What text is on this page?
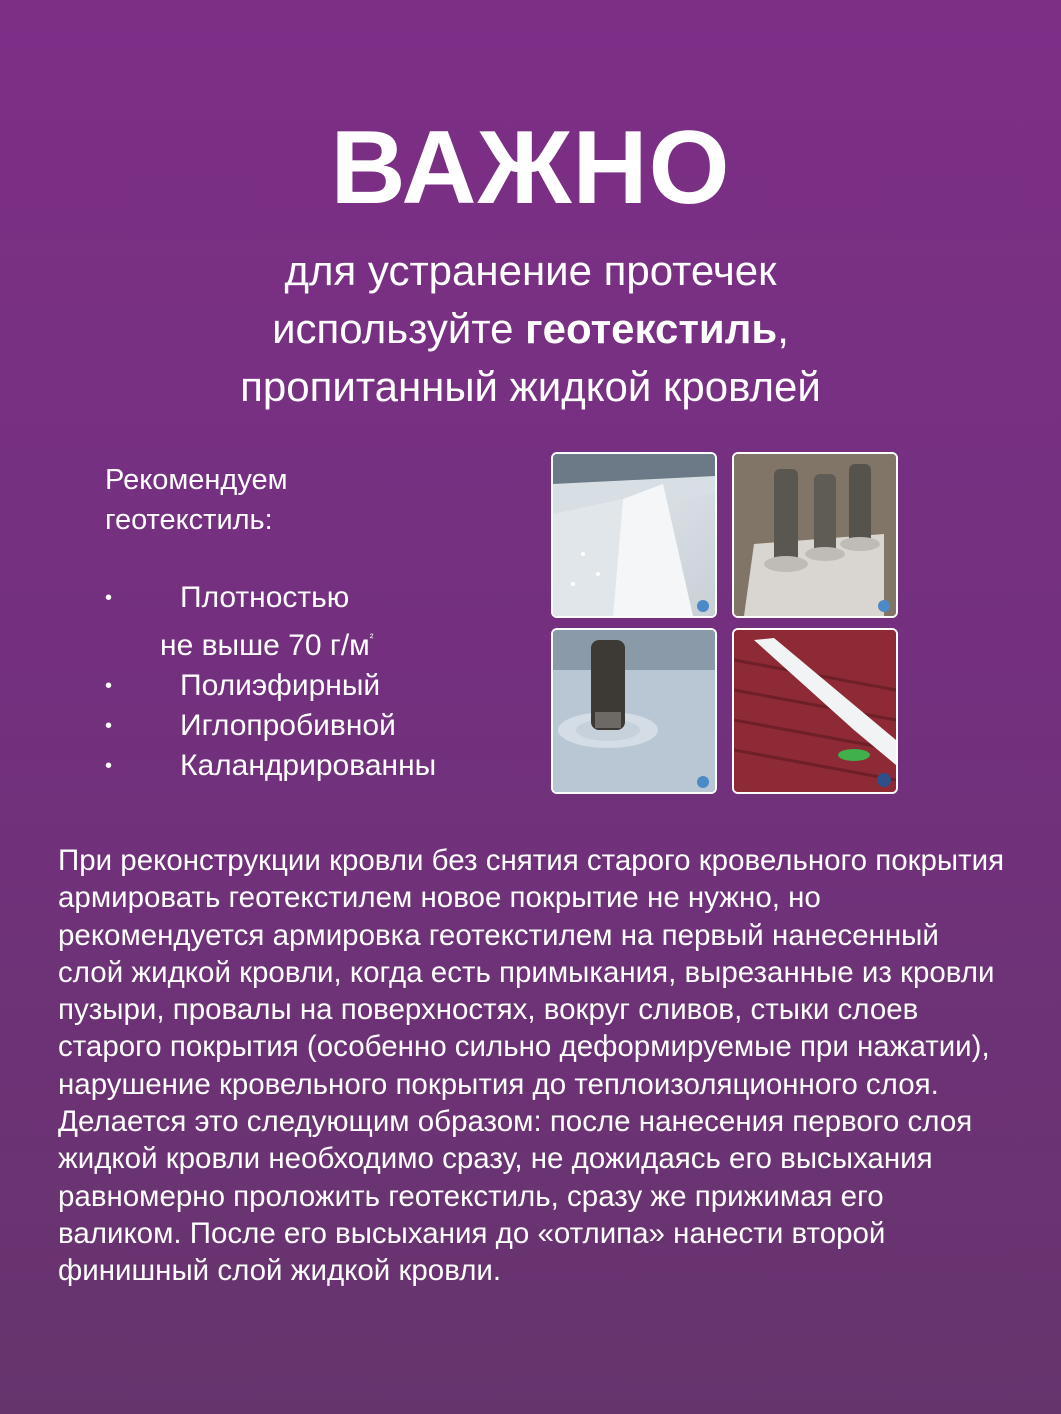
ВАЖНО
для устранение протечек
используйте геотекстиль,
пропитанный жидкой кровлей
Рекомендуем
геотекстиль:
• Плотностью
не выше 70 $г/м^{^2}$
• Полиэфирный
• Иглопробивной
• Каландрированны

При реконструкции кровли без снятия старого кровельного покрытия армировать геотекстилем новое покрытие не нужно, но рекомендуется армировка геотекстилем на первый нанесенный слой жидкой кровли, когда есть примыкания, вырезанные из кровли пузыри, провалы на поверхностях, вокруг сливов, стыки слоев старого покрытия (особенно сильно деформируемые при нажатии), нарушение кровельного покрытия до теплоизоляционного слоя. Делается это следующим образом: после нанесения первого слоя жидкой кровли необходимо сразу, не дожидаясь его высыхания равномерно проложить геотекстиль, сразу же прижимая его валиком. После его высыхания до «отлипа» нанести второй финишный слой жидкой кровли.
